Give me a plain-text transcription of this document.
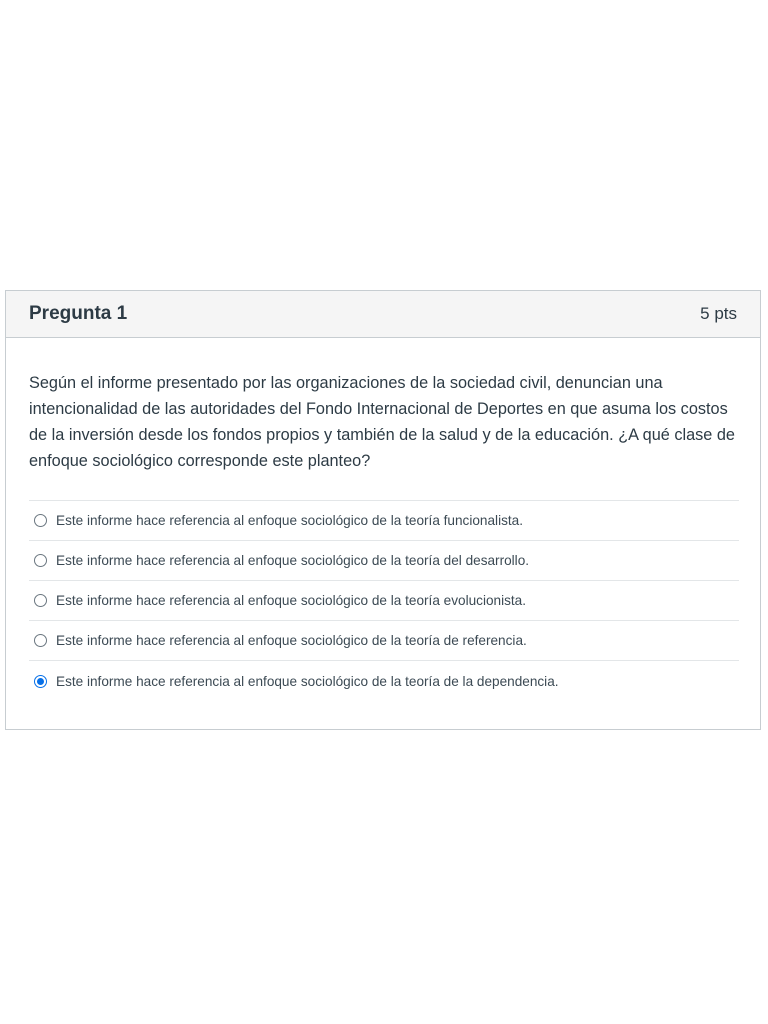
Pregunta 1	5 pts

Según el informe presentado por las organizaciones de la sociedad civil, denuncian una intencionalidad de las autoridades del Fondo Internacional de Deportes en que asuma los costos de la inversión desde los fondos propios y también de la salud y de la educación. ¿A qué clase de enfoque sociológico corresponde este planteo?

Este informe hace referencia al enfoque sociológico de la teoría funcionalista.
Este informe hace referencia al enfoque sociológico de la teoría del desarrollo.
Este informe hace referencia al enfoque sociológico de la teoría evolucionista.
Este informe hace referencia al enfoque sociológico de la teoría de referencia.
Este informe hace referencia al enfoque sociológico de la teoría de la dependencia.
